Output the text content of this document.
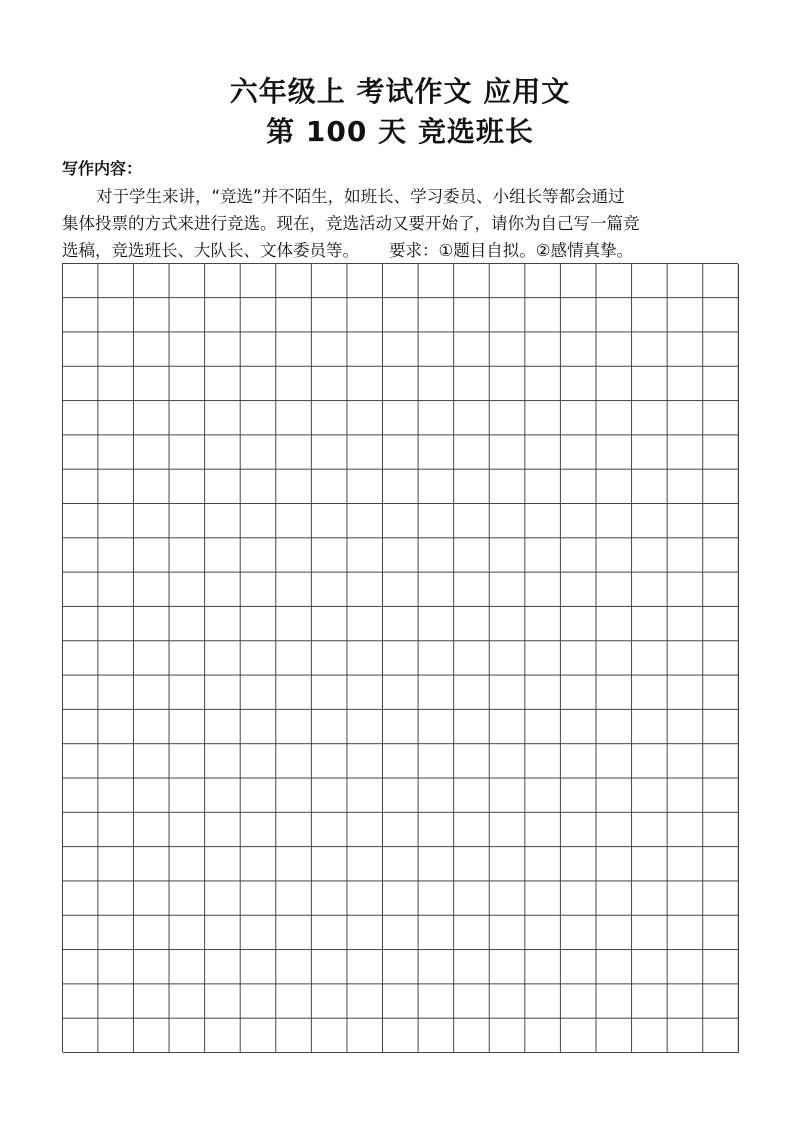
六年级上 考试作文 应用文
第 100 天 竞选班长
写作内容：
对于学生来讲，“竞选”并不陌生，如班长、学习委员、小组长等都会通过
集体投票的方式来进行竞选。现在，竞选活动又要开始了，请你为自己写一篇竞
选稿，竞选班长、大队长、文体委员等。 要求：①题目自拟。②感情真挚。
